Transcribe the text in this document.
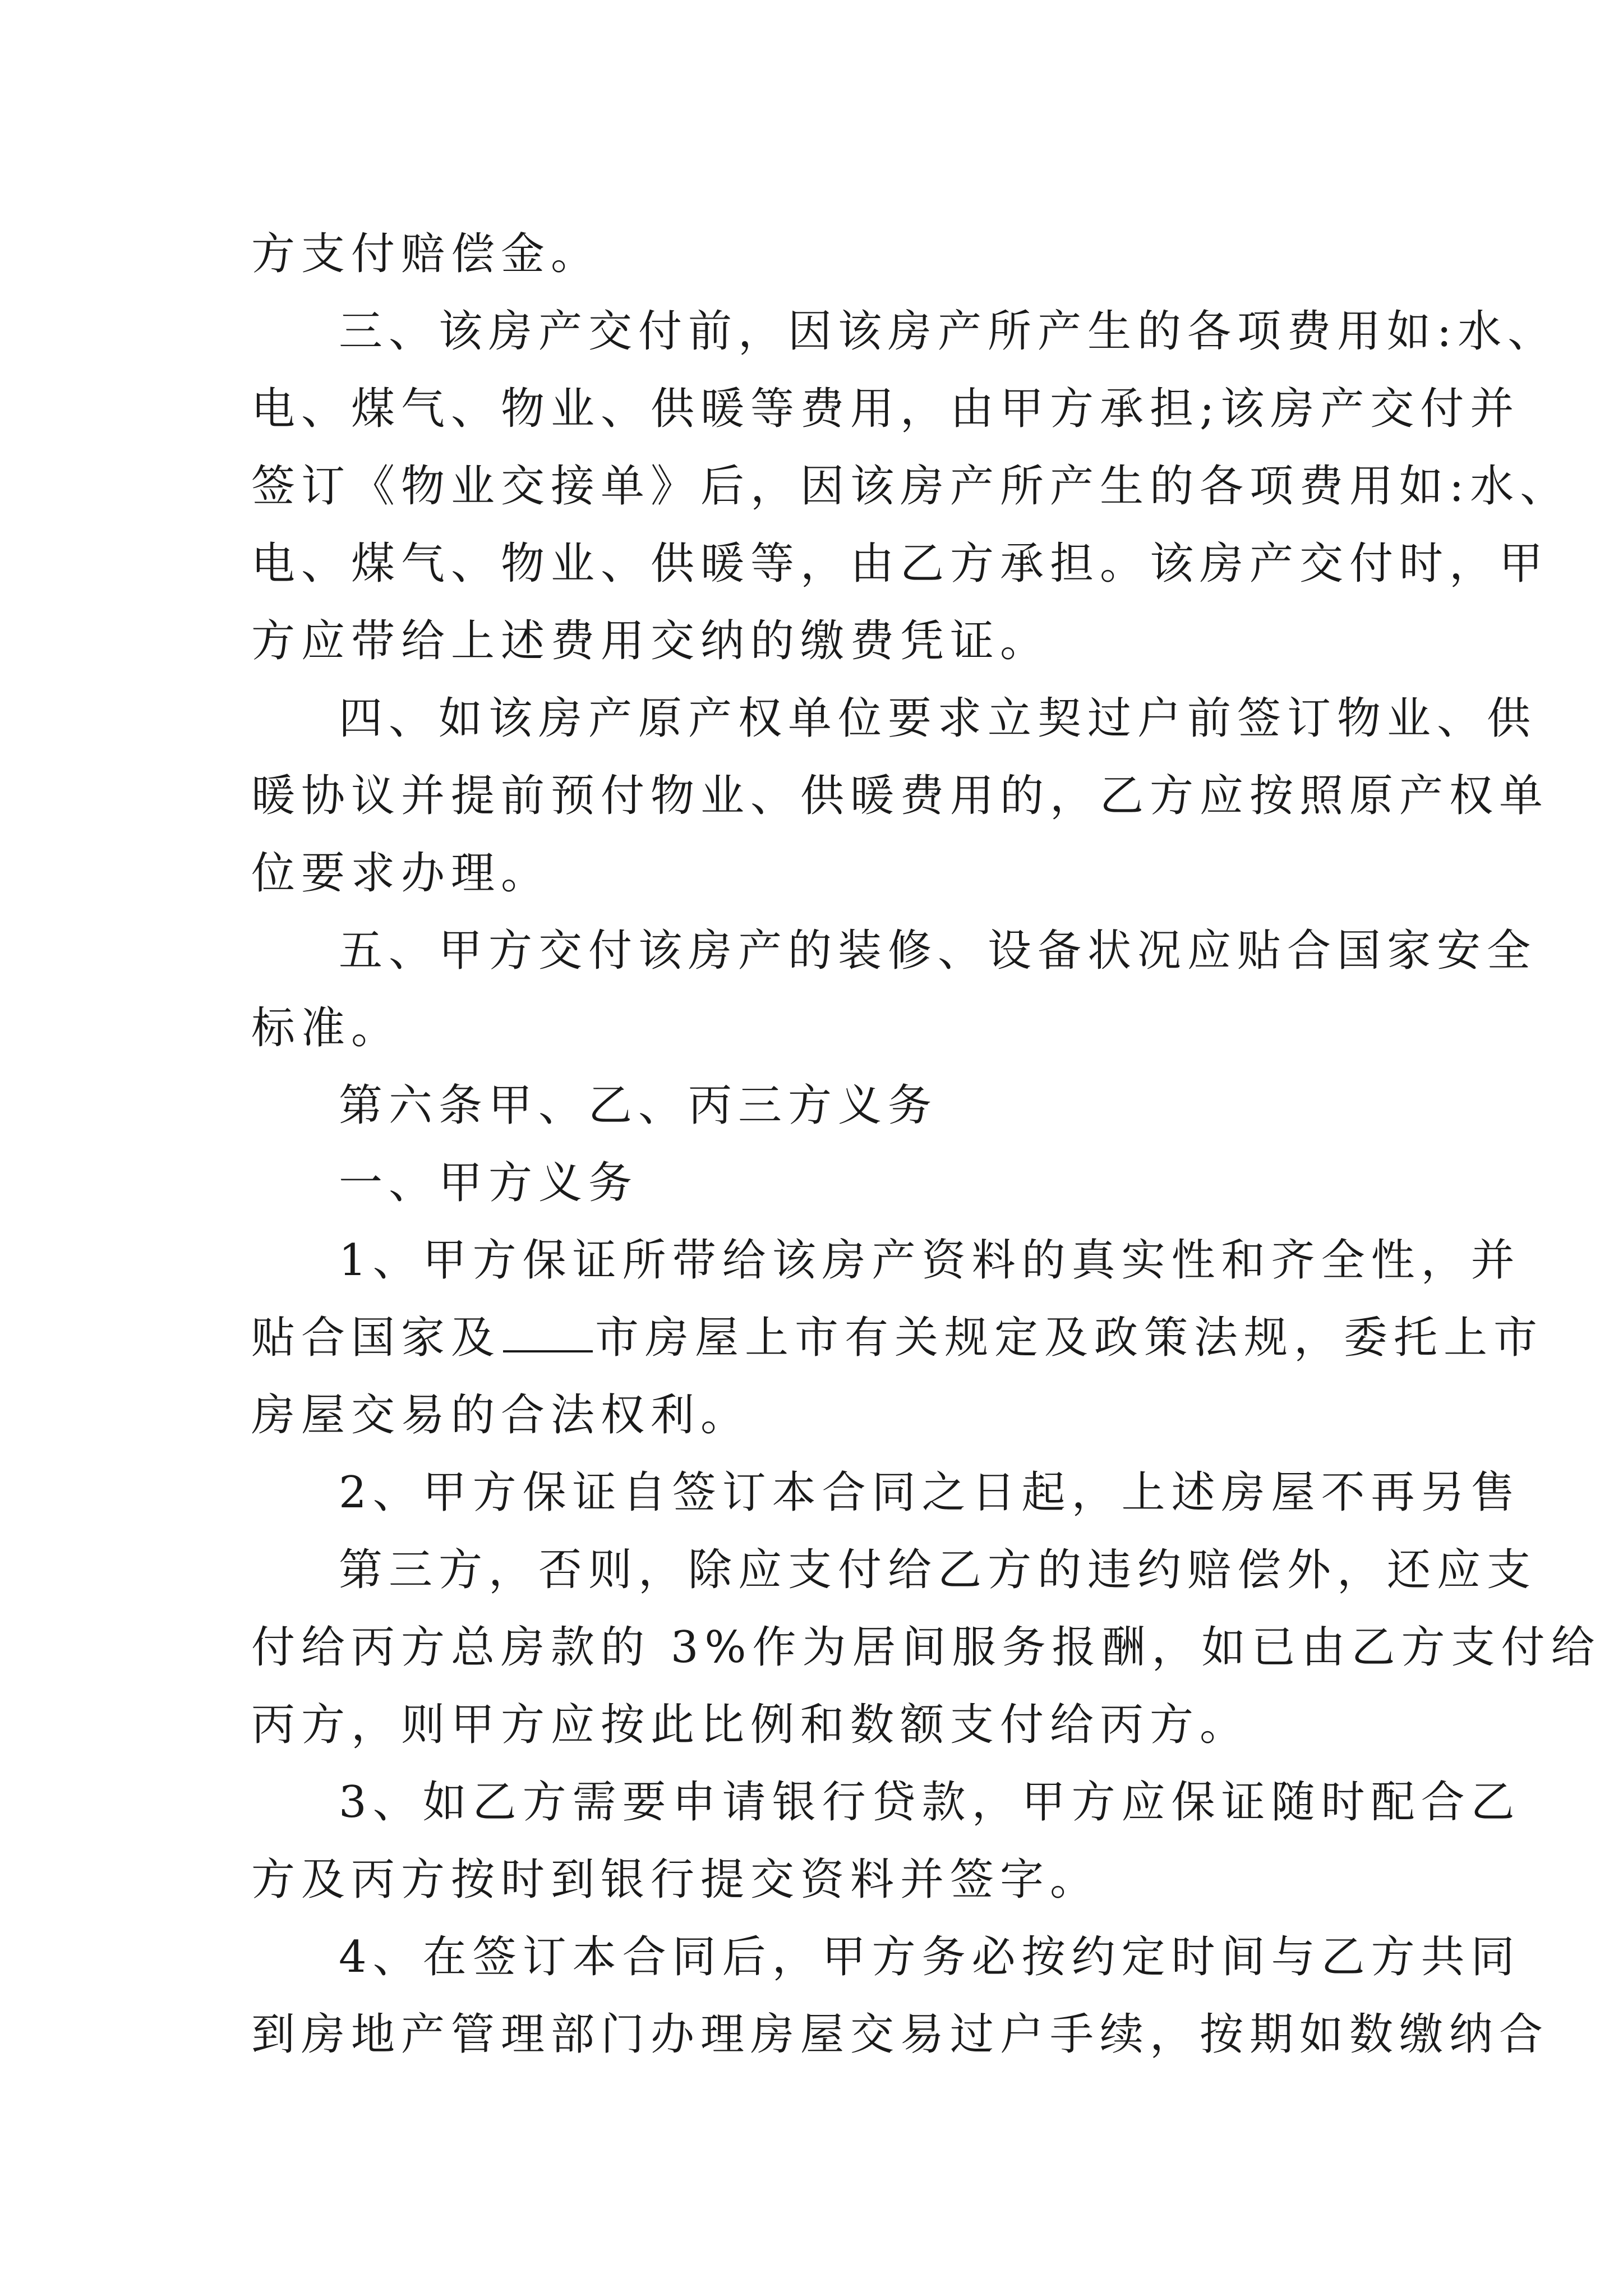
方支付赔偿金。
三、该房产交付前，因该房产所产生的各项费用如:水、
电、煤气、物业、供暖等费用，由甲方承担;该房产交付并
签订《物业交接单》后，因该房产所产生的各项费用如:水、
电、煤气、物业、供暖等，由乙方承担。该房产交付时，甲
方应带给上述费用交纳的缴费凭证。
四、如该房产原产权单位要求立契过户前签订物业、供
暖协议并提前预付物业、供暖费用的，乙方应按照原产权单
位要求办理。
五、甲方交付该房产的装修、设备状况应贴合国家安全
标准。
第六条甲、乙、丙三方义务
一、甲方义务
1、甲方保证所带给该房产资料的真实性和齐全性，并
贴合国家及 市房屋上市有关规定及政策法规，委托上市
房屋交易的合法权利。
2、甲方保证自签订本合同之日起，上述房屋不再另售
第三方，否则，除应支付给乙方的违约赔偿外，还应支
付给丙方总房款的 3%作为居间服务报酬，如已由乙方支付给
丙方，则甲方应按此比例和数额支付给丙方。
3、如乙方需要申请银行贷款，甲方应保证随时配合乙
方及丙方按时到银行提交资料并签字。
4、在签订本合同后，甲方务必按约定时间与乙方共同
到房地产管理部门办理房屋交易过户手续，按期如数缴纳合
